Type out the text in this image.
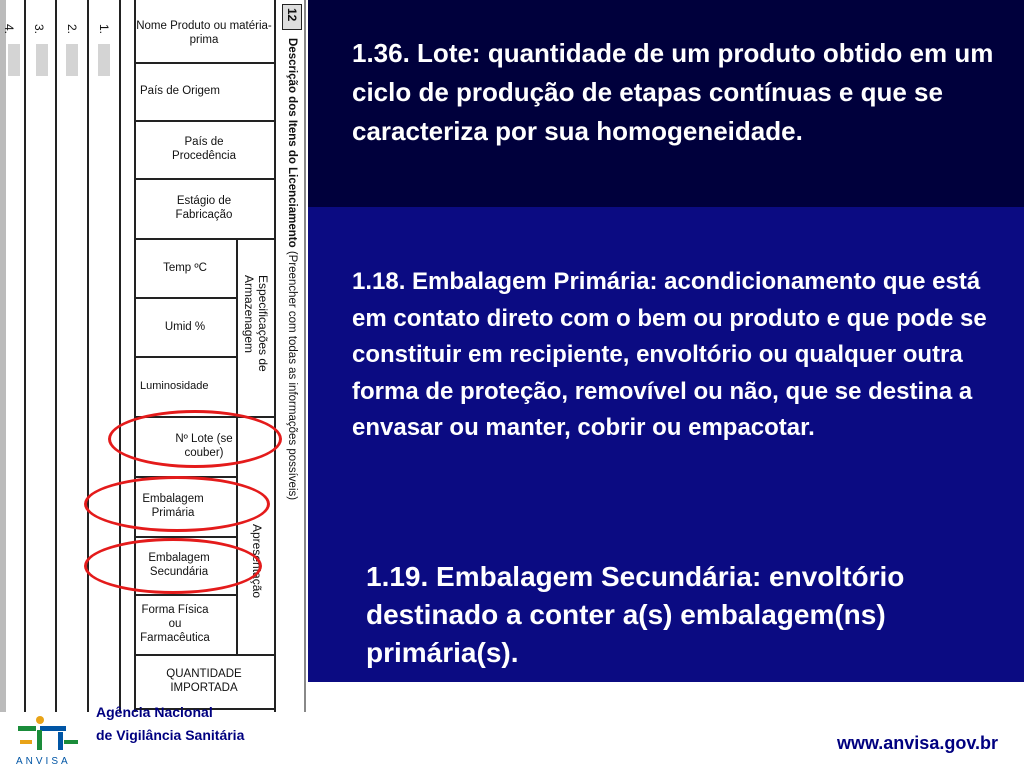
4. 3. 2. 1. Nome Produto ou matéria-prima
País de Origem
País de Procedência
Estágio de Fabricação
Temp ºC
Umid %
Luminosidade
Nº Lote (se couber)
Embalagem Primária
Embalagem Secundária
Forma Física ou Farmacêutica
QUANTIDADE IMPORTADA
Especificações de Armazenagem
Apresentação
Descrição dos Itens do Licenciamento (Preencher com todas as informações possíveis)
12

1.36. Lote: quantidade de um produto obtido em um ciclo de produção de etapas contínuas e que se caracteriza por sua homogeneidade.

1.18. Embalagem Primária: acondicionamento que está em contato direto com o bem ou produto e que pode se constituir em recipiente, envoltório ou qualquer outra forma de proteção, removível ou não, que se destina a envasar ou manter, cobrir ou empacotar.

1.19. Embalagem Secundária: envoltório destinado a conter a(s) embalagem(ns) primária(s).

ANVISA
Agência Nacional
de Vigilância Sanitária	www.anvisa.gov.br
